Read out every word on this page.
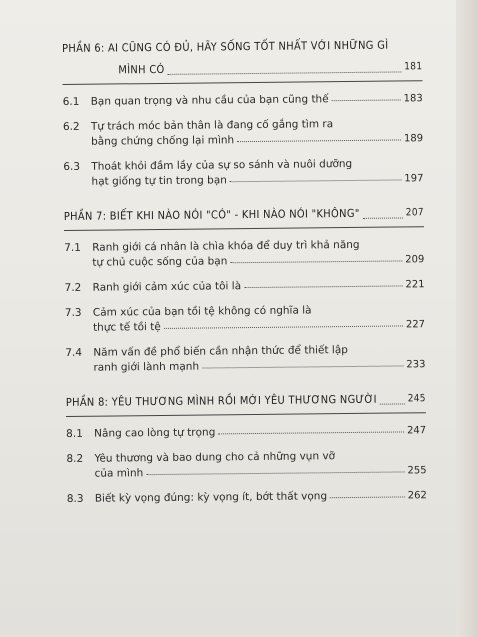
PHẦN 6: AI CŨNG CÓ ĐỦ, HÃY SỐNG TỐT NHẤT VỚI NHỮNG GÌ
MÌNH CÓ	181
6.1	Bạn quan trọng và nhu cầu của bạn cũng thế	183
6.2	Tự trách móc bản thân là đang cố gắng tìm ra
bằng chứng chống lại mình	189
6.3	Thoát khỏi đầm lầy của sự so sánh và nuôi dưỡng
hạt giống tự tin trong bạn	197
PHẦN 7: BIẾT KHI NÀO NÓI "CÓ" - KHI NÀO NÓI "KHÔNG"	207
7.1	Ranh giới cá nhân là chìa khóa để duy trì khả năng
tự chủ cuộc sống của bạn	209
7.2	Ranh giới cảm xúc của tôi là	221
7.3	Cảm xúc của bạn tồi tệ không có nghĩa là
thực tế tồi tệ	227
7.4	Năm vấn đề phổ biến cần nhận thức để thiết lập
ranh giới lành mạnh	233
PHẦN 8: YÊU THƯƠNG MÌNH RỒI MỚI YÊU THƯƠNG NGƯỜI	245
8.1	Nâng cao lòng tự trọng	247
8.2	Yêu thương và bao dung cho cả những vụn vỡ
của mình	255
8.3	Biết kỳ vọng đúng: kỳ vọng ít, bớt thất vọng	262
